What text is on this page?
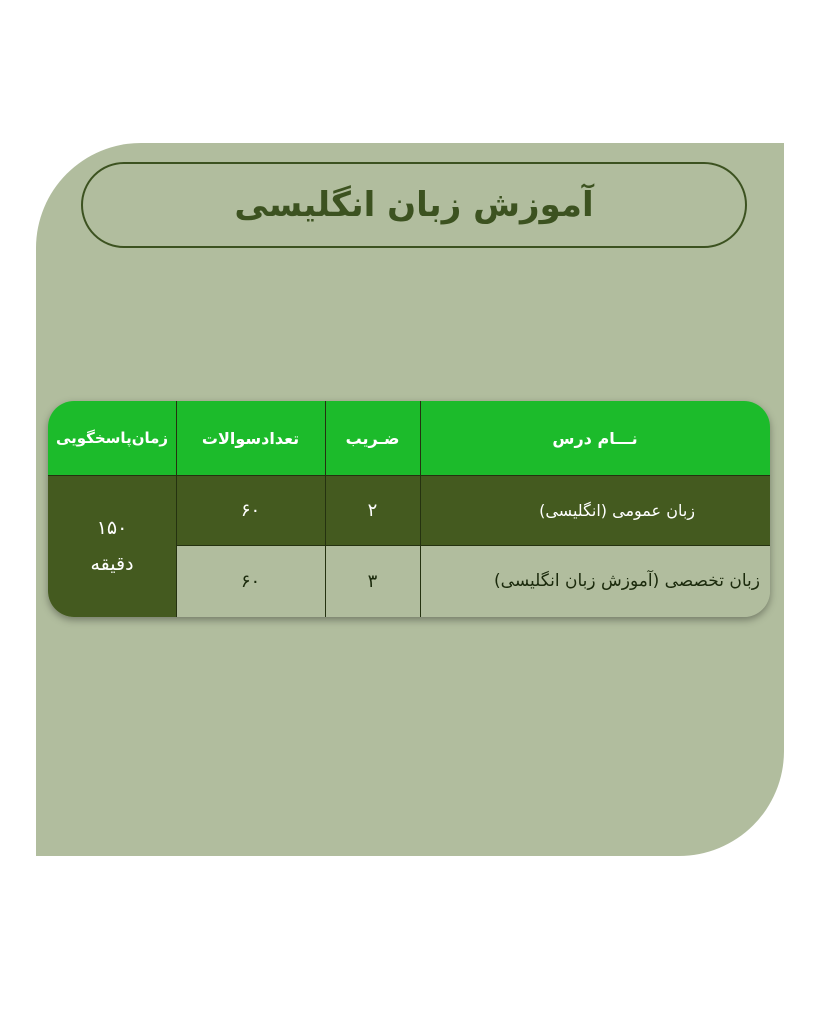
آموزش زبان انگلیسی
۱۵۰
دقیقه
نـــام درس
ضـریب
تعدادسوالات
زمان‌پاسخگویی
زبان عمومی (انگلیسی)
۲
۶۰
زبان تخصصی (آموزش زبان انگلیسی)
۳
۶۰
